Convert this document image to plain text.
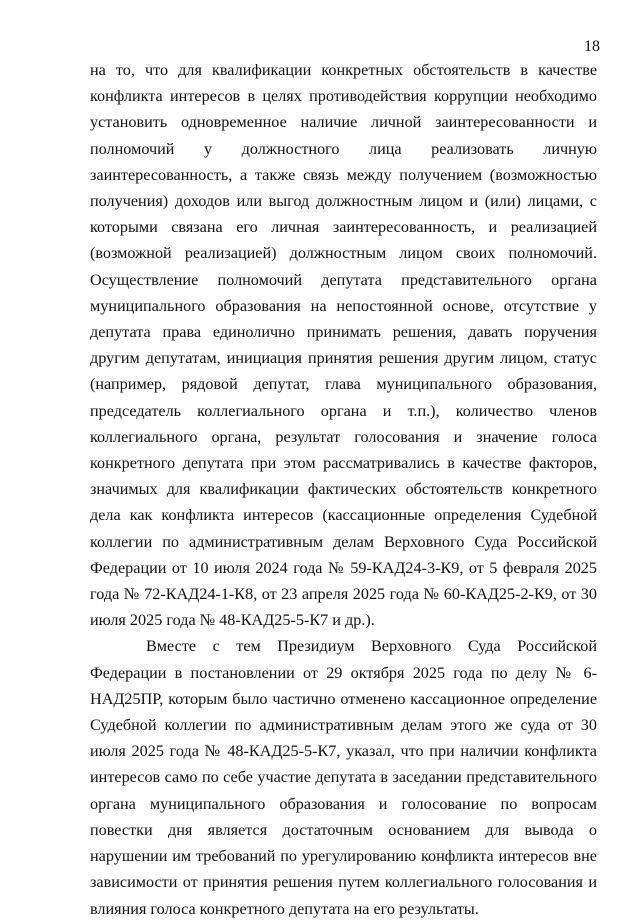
18

на то, что для квалификации конкретных обстоятельств в качестве конфликта интересов в целях противодействия коррупции необходимо установить одновременное наличие личной заинтересованности и полномочий у должностного лица реализовать личную заинтересованность, а также связь между получением (возможностью получения) доходов или выгод должностным лицом и (или) лицами, с которыми связана его личная заинтересованность, и реализацией (возможной реализацией) должностным лицом своих полномочий. Осуществление полномочий депутата представительного органа муниципального образования на непостоянной основе, отсутствие у депутата права единолично принимать решения, давать поручения другим депутатам, инициация принятия решения другим лицом, статус (например, рядовой депутат, глава муниципального образования, председатель коллегиального органа и т.п.), количество членов коллегиального органа, результат голосования и значение голоса конкретного депутата при этом рассматривались в качестве факторов, значимых для квалификации фактических обстоятельств конкретного дела как конфликта интересов (кассационные определения Судебной коллегии по административным делам Верховного Суда Российской Федерации от 10 июля 2024 года № 59-КАД24-3-К9, от 5 февраля 2025 года № 72-КАД24-1-К8, от 23 апреля 2025 года № 60-КАД25-2-К9, от 30 июля 2025 года № 48-КАД25-5-К7 и др.).

Вместе с тем Президиум Верховного Суда Российской Федерации в постановлении от 29 октября 2025 года по делу № 6-НАД25ПР, которым было частично отменено кассационное определение Судебной коллегии по административным делам этого же суда от 30 июля 2025 года № 48-КАД25-5-К7, указал, что при наличии конфликта интересов само по себе участие депутата в заседании представительного органа муниципального образования и голосование по вопросам повестки дня является достаточным основанием для вывода о нарушении им требований по урегулированию конфликта интересов вне зависимости от принятия решения путем коллегиального голосования и влияния голоса конкретного депутата на его результаты.
